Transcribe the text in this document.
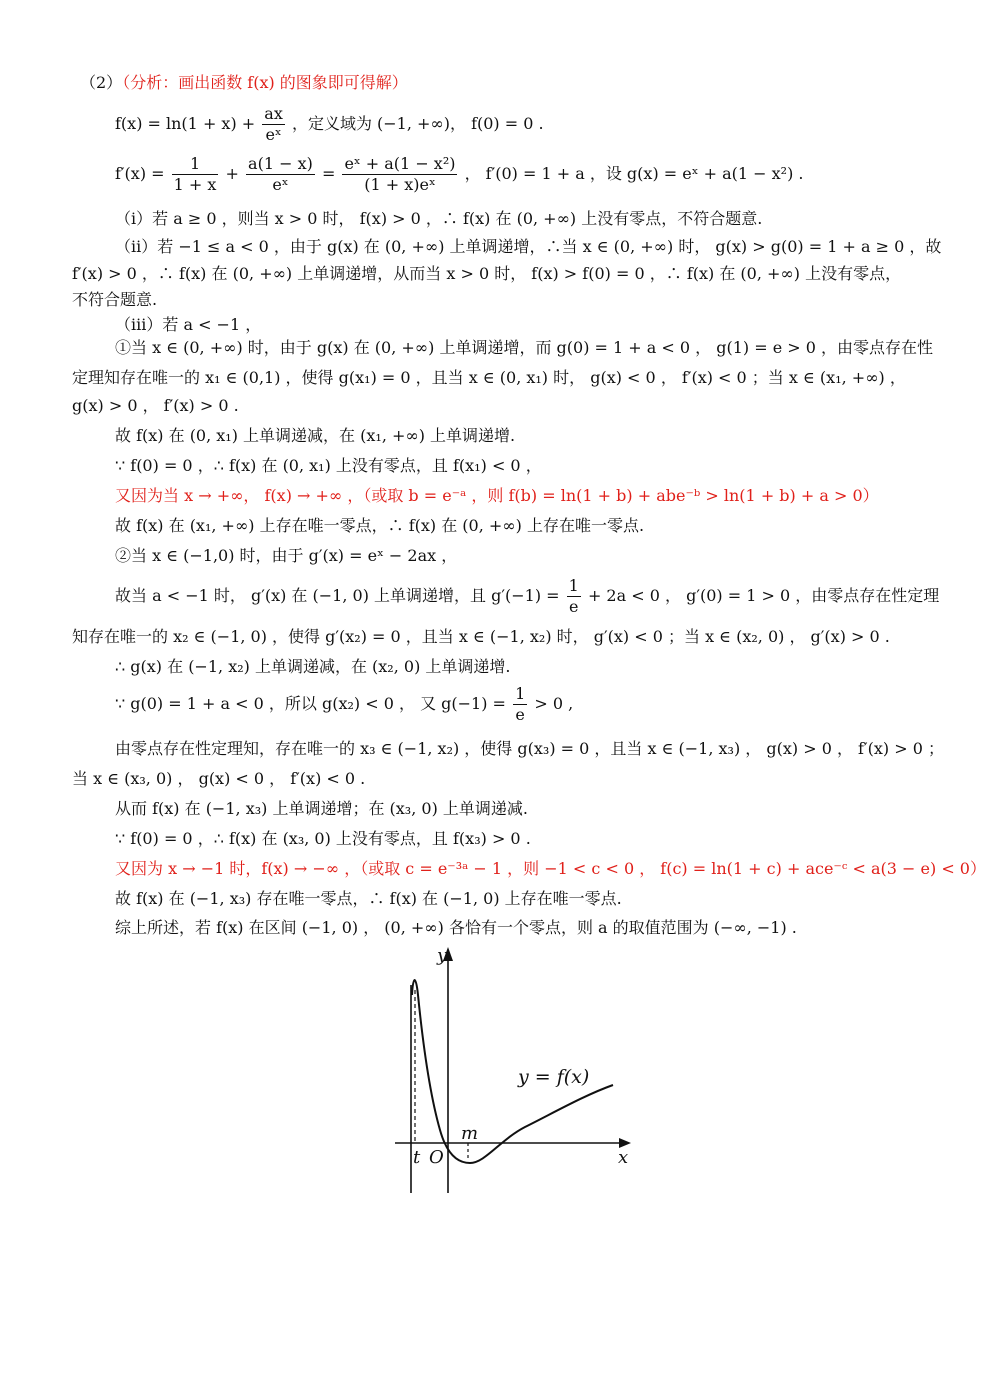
（2）（分析：画出函数 f(x) 的图象即可得解）
$f(x) = \ln(1 + x) + \frac{ax}{\text{eˣ}}$ ，定义域为 (−1, +∞)， f(0) = 0 .
$f'(x) = \frac{1}{1 + x} + \frac{a(1 - x)}{\text{eˣ}} = \frac{\text{eˣ + a(1 − x²)}}{\text{(1 + x)eˣ}}$ ， f′(0) = 1 + a ，设 g(x) = eˣ + a(1 − x²) .
（i）若 a ≥ 0 ，则当 x > 0 时， f(x) > 0 ，∴ f(x) 在 (0, +∞) 上没有零点，不符合题意.
（ii）若 −1 ≤ a < 0 ，由于 g(x) 在 (0, +∞) 上单调递增，∴当 x ∈ (0, +∞) 时， g(x) > g(0) = 1 + a ≥ 0 ，故
f′(x) > 0 ，∴ f(x) 在 (0, +∞) 上单调递增，从而当 x > 0 时， f(x) > f(0) = 0 ，∴ f(x) 在 (0, +∞) 上没有零点，
不符合题意.
（iii）若 a < −1 ，
①当 x ∈ (0, +∞) 时，由于 g(x) 在 (0, +∞) 上单调递增，而 g(0) = 1 + a < 0 ， g(1) = e > 0 ，由零点存在性
定理知存在唯一的 x₁ ∈ (0,1) ，使得 g(x₁) = 0 ，且当 x ∈ (0, x₁) 时， g(x) < 0 ， f′(x) < 0 ；当 x ∈ (x₁, +∞) ，
g(x) > 0 ， f′(x) > 0 .
故 f(x) 在 (0, x₁) 上单调递减，在 (x₁, +∞) 上单调递增.
∵ f(0) = 0 ，∴ f(x) 在 (0, x₁) 上没有零点，且 f(x₁) < 0 ，
又因为当 x → +∞， f(x) → +∞ ，（或取 b = e⁻ᵃ ，则 f(b) = ln(1 + b) + abe⁻ᵇ > ln(1 + b) + a > 0）
故 f(x) 在 (x₁, +∞) 上存在唯一零点，∴ f(x) 在 (0, +∞) 上存在唯一零点.
②当 x ∈ (−1,0) 时，由于 g′(x) = eˣ − 2ax ，
故当 a < −1 时， g′(x) 在 (−1, 0) 上单调递增，且 $g'(-1) = \frac{1}{e} + 2a < 0$ ， g′(0) = 1 > 0 ，由零点存在性定理
知存在唯一的 x₂ ∈ (−1, 0) ，使得 g′(x₂) = 0 ，且当 x ∈ (−1, x₂) 时， g′(x) < 0 ；当 x ∈ (x₂, 0) ， g′(x) > 0 .
∴ g(x) 在 (−1, x₂) 上单调递减，在 (x₂, 0) 上单调递增.
∵ g(0) = 1 + a < 0 ，所以 g(x₂) < 0 ， 又 $g(-1) = \frac{1}{e} > 0$ ,
由零点存在性定理知，存在唯一的 x₃ ∈ (−1, x₂) ，使得 g(x₃) = 0 ，且当 x ∈ (−1, x₃) ， g(x) > 0 ， f′(x) > 0 ；
当 x ∈ (x₃, 0) ， g(x) < 0 ， f′(x) < 0 .
从而 f(x) 在 (−1, x₃) 上单调递增；在 (x₃, 0) 上单调递减.
∵ f(0) = 0 ，∴ f(x) 在 (x₃, 0) 上没有零点，且 f(x₃) > 0 .
又因为 x → −1 时，f(x) → −∞ ，（或取 c = e⁻³ᵃ − 1 ，则 −1 < c < 0 ， f(c) = ln(1 + c) + ace⁻ᶜ < a(3 − e) < 0）
故 f(x) 在 (−1, x₃) 存在唯一零点，∴ f(x) 在 (−1, 0) 上存在唯一零点.
综上所述，若 f(x) 在区间 (−1, 0) ， (0, +∞) 各恰有一个零点，则 a 的取值范围为 (−∞, −1) .
y
x
O
t
m
y = f(x)
